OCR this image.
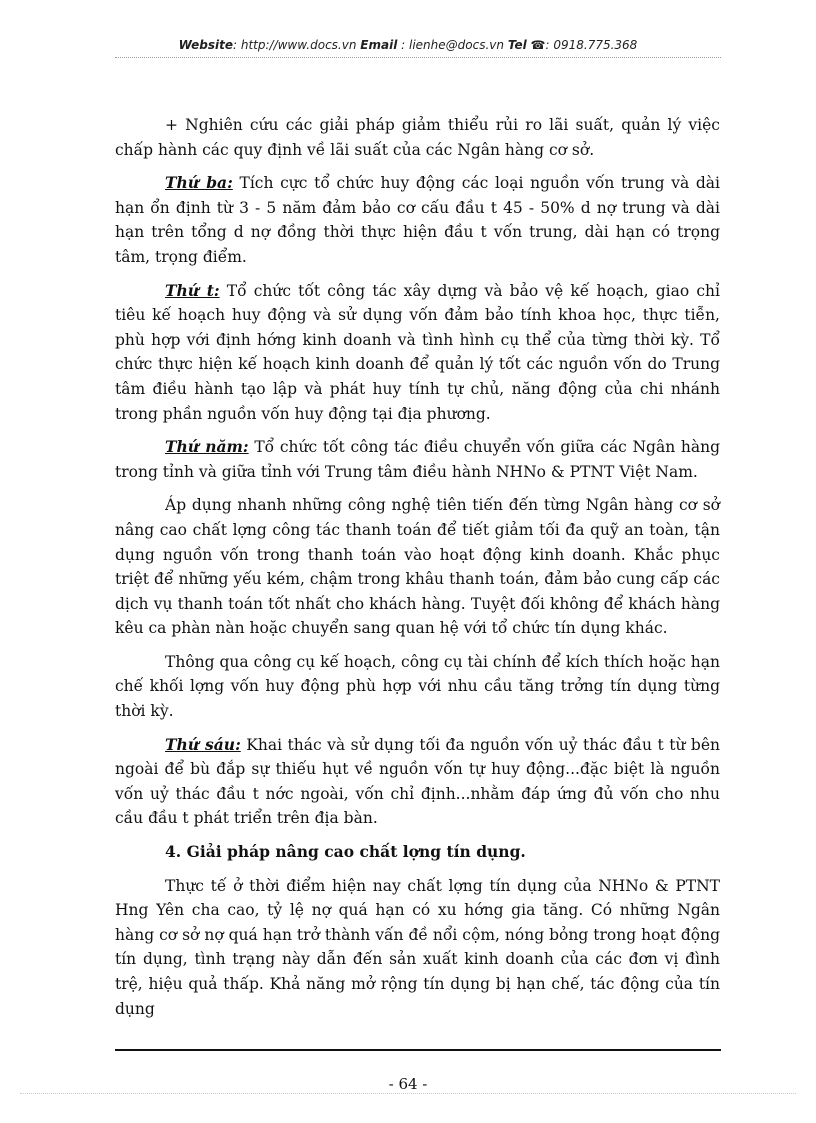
Website: http://www.docs.vn Email : lienhe@docs.vn Tel ☎: 0918.775.368

+ Nghiên cứu các giải pháp giảm thiểu rủi ro lãi suất, quản lý việc chấp hành các quy định về lãi suất của các Ngân hàng cơ sở.

Thứ ba: Tích cực tổ chức huy động các loại nguồn vốn trung và dài hạn ổn định từ 3 - 5 năm đảm bảo cơ cấu đầu t 45 - 50% d nợ trung và dài hạn trên tổng d nợ đồng thời thực hiện đầu t vốn trung, dài hạn có trọng tâm, trọng điểm.

Thứ t: Tổ chức tốt công tác xây dựng và bảo vệ kế hoạch, giao chỉ tiêu kế hoạch huy động và sử dụng vốn đảm bảo tính khoa học, thực tiễn, phù hợp với định hớng kinh doanh và tình hình cụ thể của từng thời kỳ. Tổ chức thực hiện kế hoạch kinh doanh để quản lý tốt các nguồn vốn do Trung tâm điều hành tạo lập và phát huy tính tự chủ, năng động của chi nhánh trong phần nguồn vốn huy động tại địa phương.

Thứ năm: Tổ chức tốt công tác điều chuyển vốn giữa các Ngân hàng trong tỉnh và giữa tỉnh với Trung tâm điều hành NHNo & PTNT Việt Nam.

Áp dụng nhanh những công nghệ tiên tiến đến từng Ngân hàng cơ sở nâng cao chất lợng công tác thanh toán để tiết giảm tối đa quỹ an toàn, tận dụng nguồn vốn trong thanh toán vào hoạt động kinh doanh. Khắc phục triệt để những yếu kém, chậm trong khâu thanh toán, đảm bảo cung cấp các dịch vụ thanh toán tốt nhất cho khách hàng. Tuyệt đối không để khách hàng kêu ca phàn nàn hoặc chuyển sang quan hệ với tổ chức tín dụng khác.

Thông qua công cụ kế hoạch, công cụ tài chính để kích thích hoặc hạn chế khối lợng vốn huy động phù hợp với nhu cầu tăng trởng tín dụng từng thời kỳ.

Thứ sáu: Khai thác và sử dụng tối đa nguồn vốn uỷ thác đầu t từ bên ngoài để bù đắp sự thiếu hụt về nguồn vốn tự huy động...đặc biệt là nguồn vốn uỷ thác đầu t nớc ngoài, vốn chỉ định...nhằm đáp ứng đủ vốn cho nhu cầu đầu t phát triển trên địa bàn.

4. Giải pháp nâng cao chất lợng tín dụng.

Thực tế ở thời điểm hiện nay chất lợng tín dụng của NHNo & PTNT Hng Yên cha cao, tỷ lệ nợ quá hạn có xu hớng gia tăng. Có những Ngân hàng cơ sở nợ quá hạn trở thành vấn đề nổi cộm, nóng bỏng trong hoạt động tín dụng, tình trạng này dẫn đến sản xuất kinh doanh của các đơn vị đình trệ, hiệu quả thấp. Khả năng mở rộng tín dụng bị hạn chế, tác động của tín dụng

- 64 -
